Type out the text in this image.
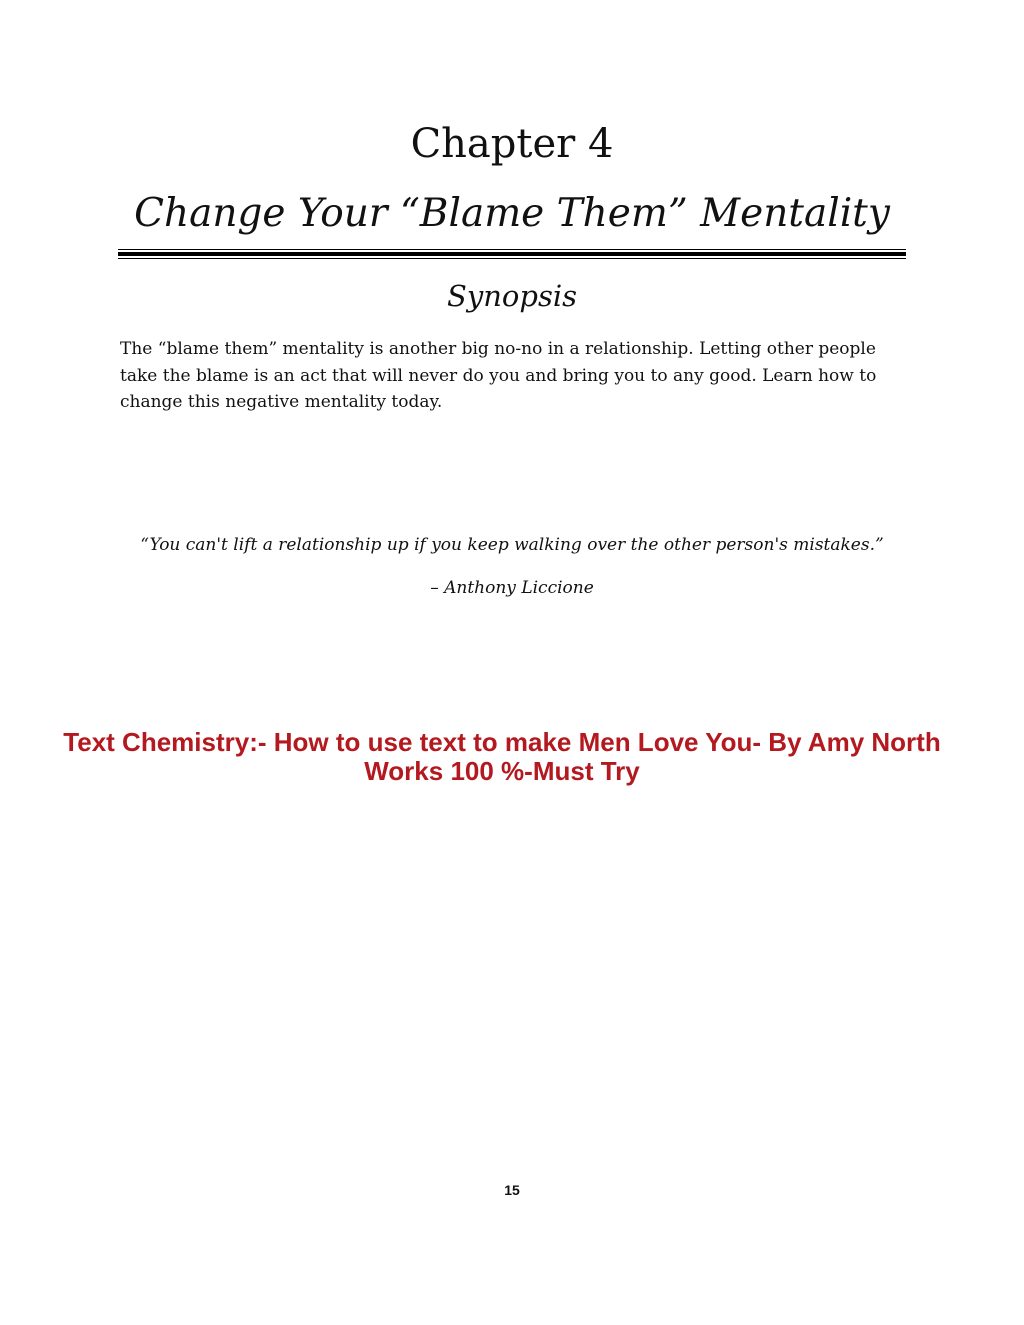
Chapter 4
Change Your “Blame Them” Mentality
Synopsis

The “blame them” mentality is another big no-no in a relationship. Letting other people take the blame is an act that will never do you and bring you to any good. Learn how to change this negative mentality today.

“You can't lift a relationship up if you keep walking over the other person's mistakes.”

– Anthony Liccione

Text Chemistry:- How to use text to make Men Love You- By Amy North
Works 100 %-Must Try

15
